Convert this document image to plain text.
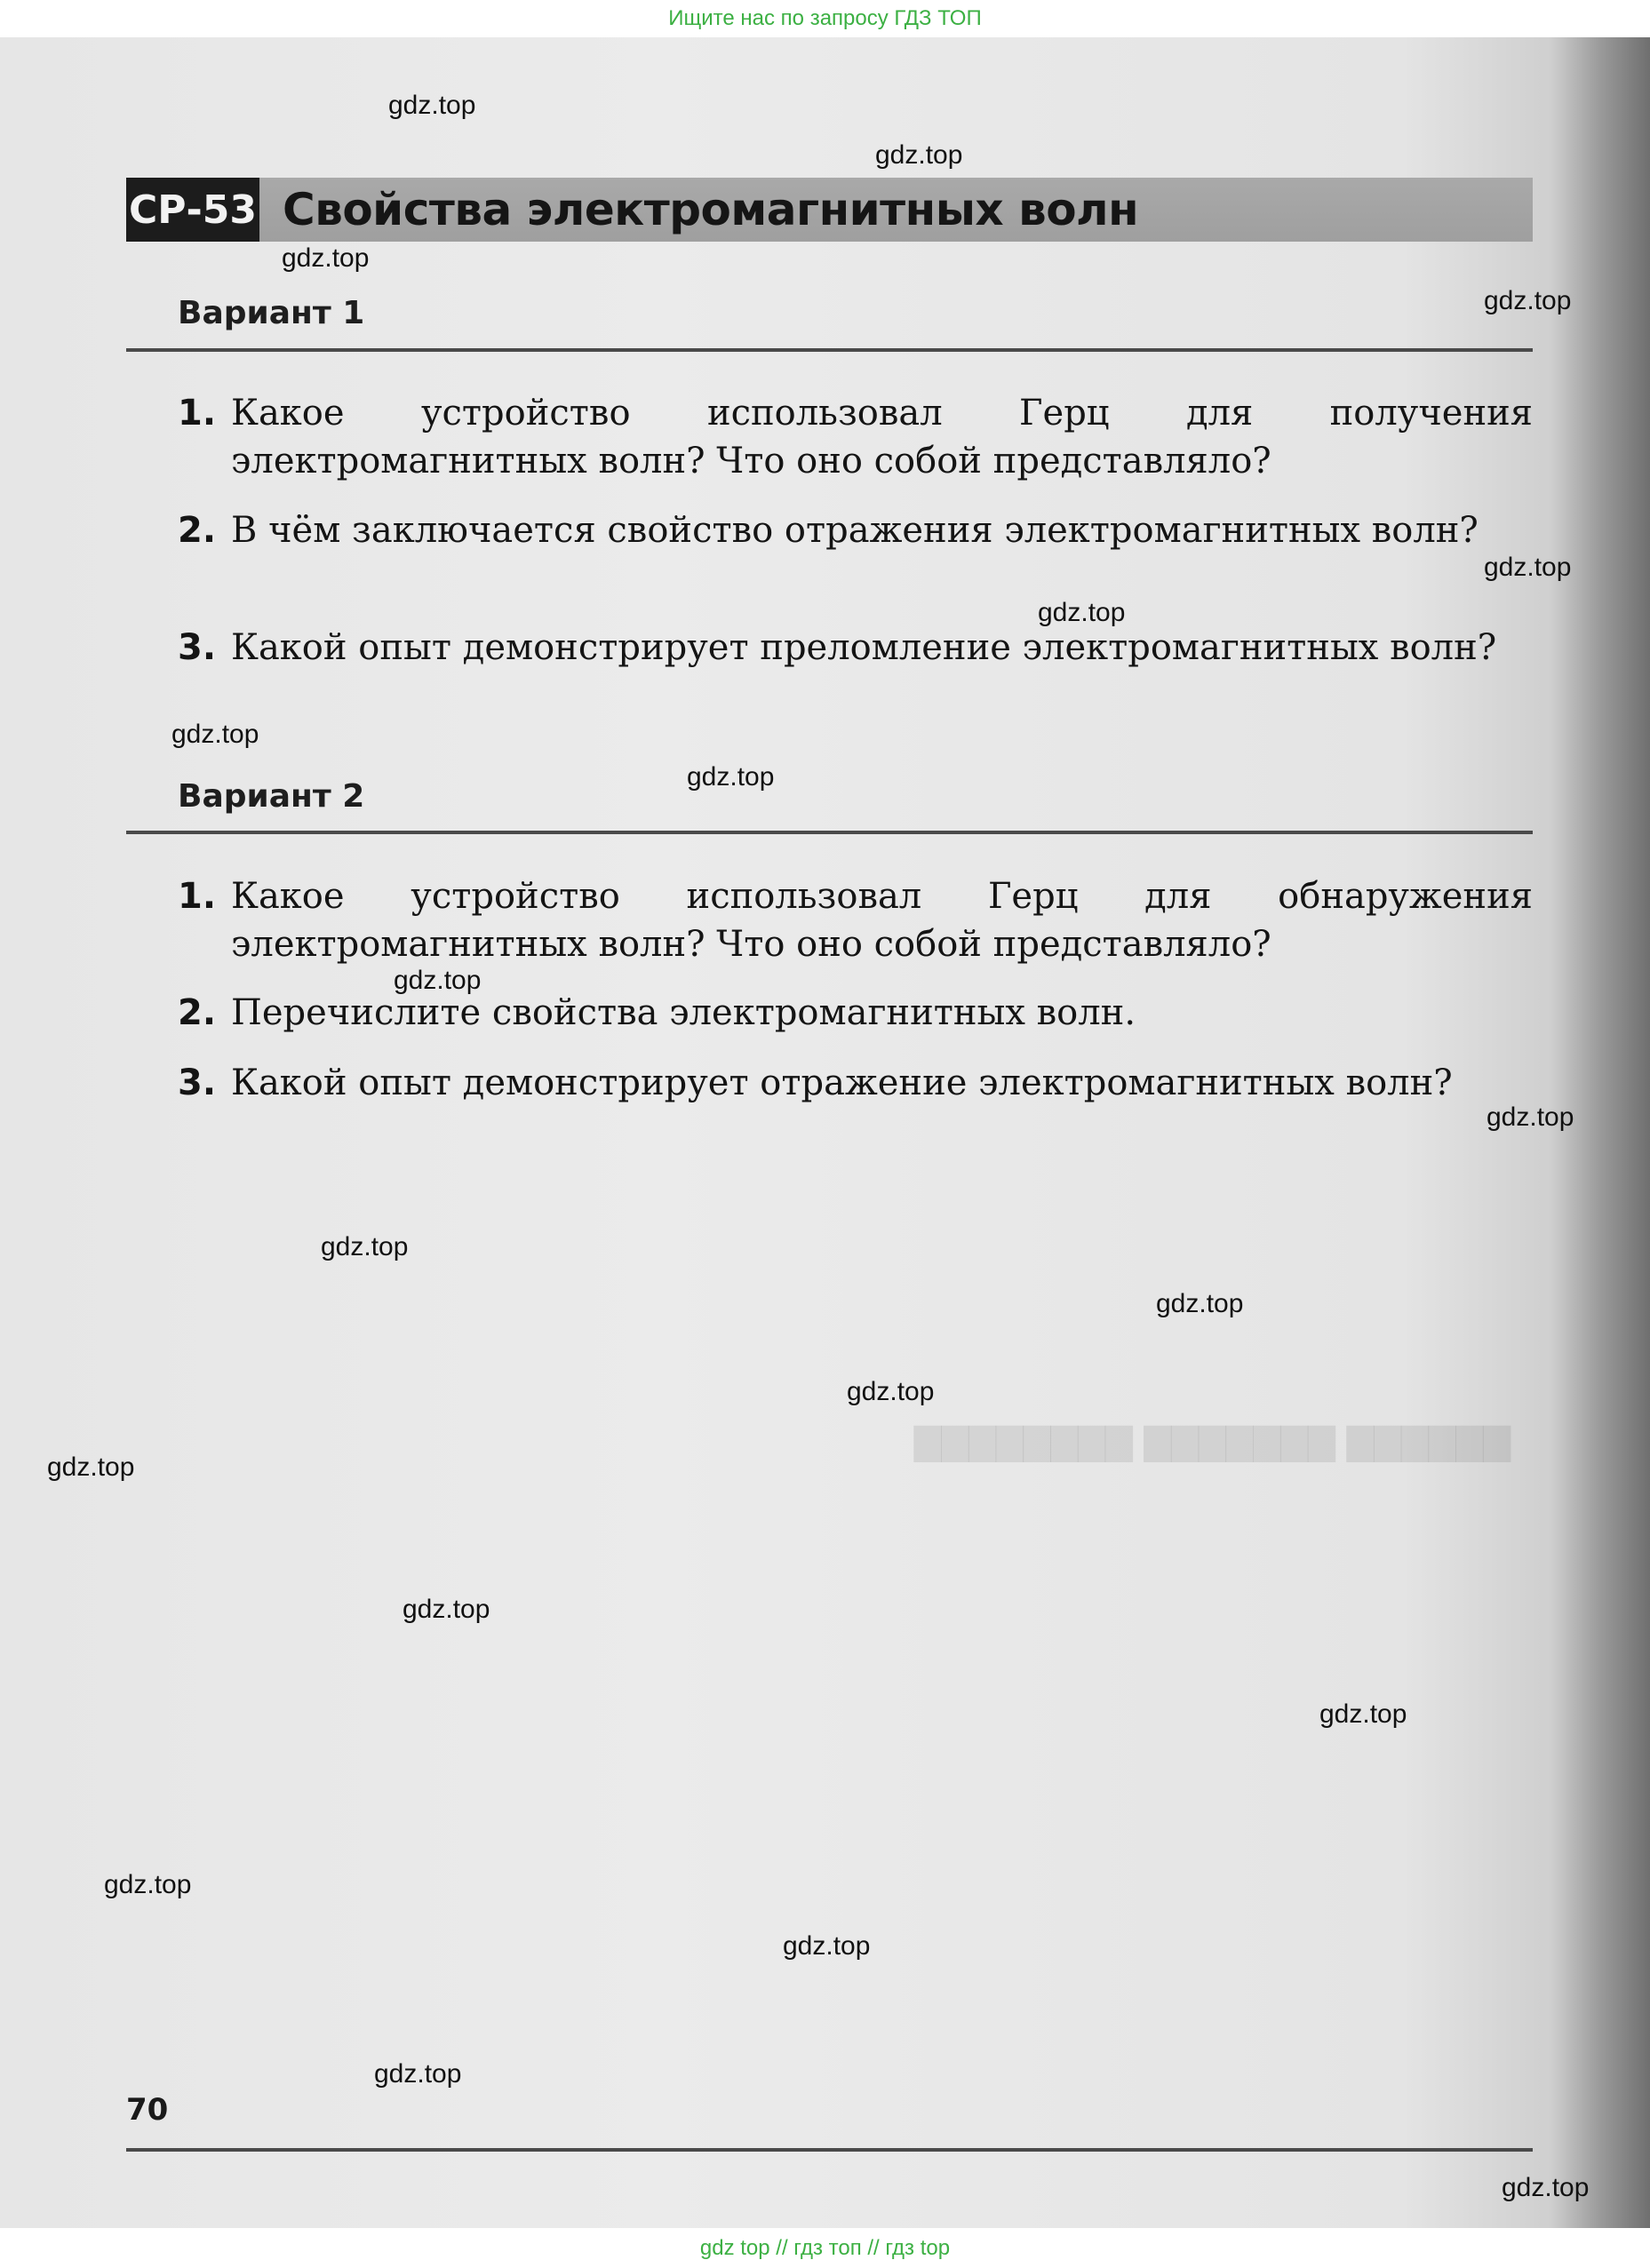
Ищите нас по запросу ГДЗ ТОП
▇▇▇▇▇▇ ▇▇▇▇▇▇▇ ▇▇▇▇▇▇▇▇
СР-53 Свойства электромагнитных волн
Вариант 1
1. Какое устройство использовал Герц для получения электромагнитных волн? Что оно собой представляло?
2. В чём заключается свойство отражения электромагнитных волн?
3. Какой опыт демонстрирует преломление электромагнитных волн?
Вариант 2
1. Какое устройство использовал Герц для обнаружения электромагнитных волн? Что оно собой представляло?
2. Перечислите свойства электромагнитных волн.
3. Какой опыт демонстрирует отражение электромагнитных волн?
70
gdz.top
gdz.top
gdz.top
gdz.top
gdz.top
gdz.top
gdz.top
gdz.top
gdz.top
gdz.top
gdz.top
gdz.top
gdz.top
gdz.top
gdz.top
gdz.top
gdz.top
gdz.top
gdz.top
gdz.top
gdz top // гдз топ // гдз top
